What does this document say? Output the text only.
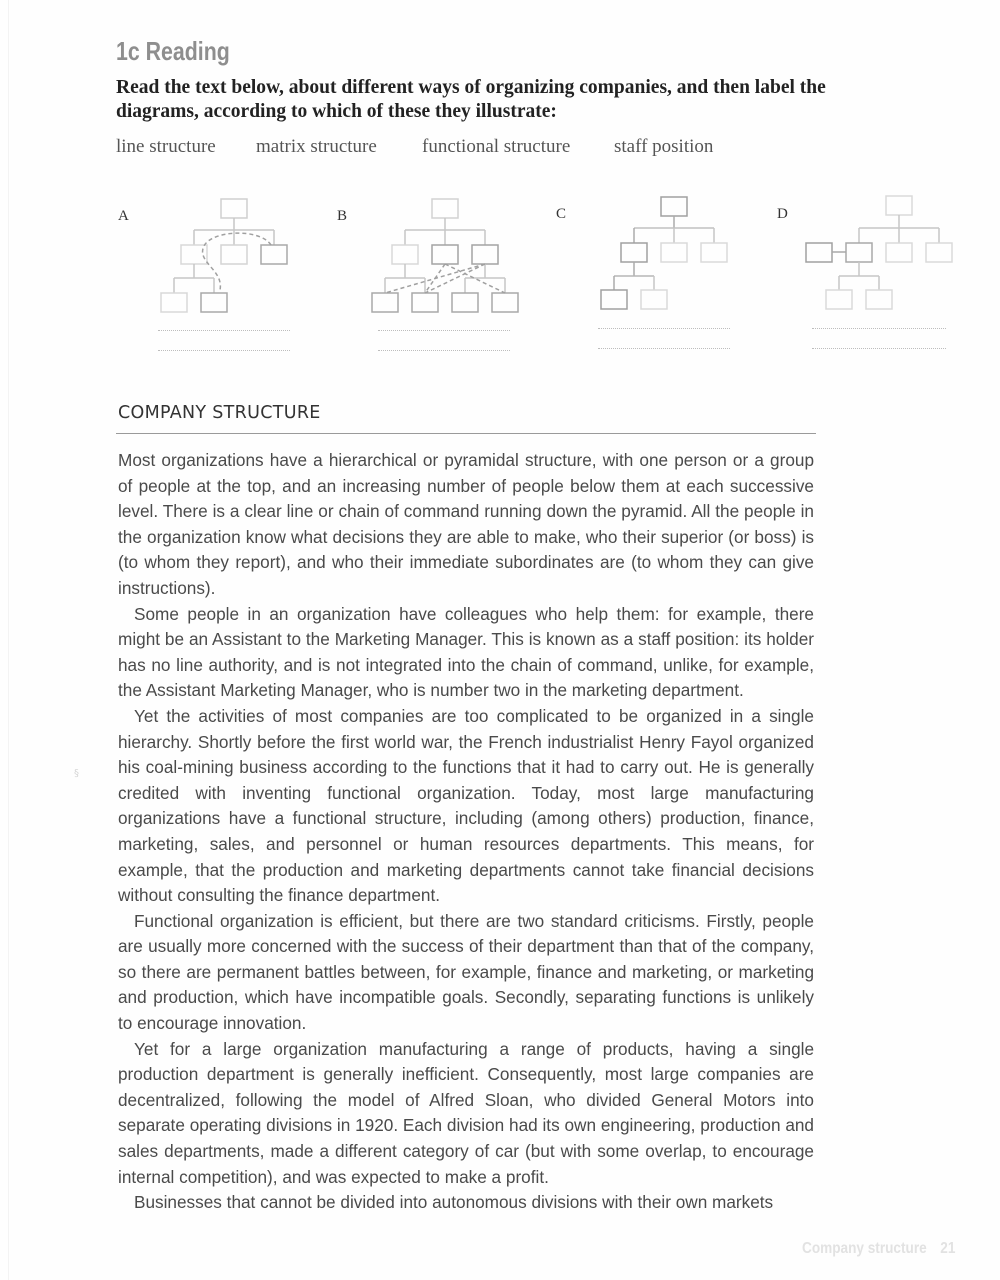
1c Reading
Read the text below, about different ways of organizing companies, and then label the diagrams, according to which of these they illustrate:
line structure matrix structure functional structure staff position
A	B	C	D
COMPANY STRUCTURE

Most organizations have a hierarchical or pyramidal structure, with one person or a group of people at the top, and an increasing number of people below them at each successive level. There is a clear line or chain of command running down the pyramid. All the people in the organization know what decisions they are able to make, who their superior (or boss) is (to whom they report), and who their immediate subordinates are (to whom they can give instructions).

Some people in an organization have colleagues who help them: for example, there might be an Assistant to the Marketing Manager. This is known as a staff position: its holder has no line authority, and is not integrated into the chain of command, unlike, for example, the Assistant Marketing Manager, who is number two in the marketing department.

Yet the activities of most companies are too complicated to be organized in a single hierarchy. Shortly before the first world war, the French industrialist Henry Fayol organized his coal-mining business according to the functions that it had to carry out. He is generally credited with inventing functional organization. Today, most large manufacturing organizations have a functional structure, including (among others) production, finance, marketing, sales, and personnel or human resources departments. This means, for example, that the production and marketing departments cannot take financial decisions without consulting the finance department.

Functional organization is efficient, but there are two standard criticisms. Firstly, people are usually more concerned with the success of their department than that of the company, so there are permanent battles between, for example, finance and marketing, or marketing and production, which have incompatible goals. Secondly, separating functions is unlikely to encourage innovation.

Yet for a large organization manufacturing a range of products, having a single production department is generally inefficient. Consequently, most large companies are decentralized, following the model of Alfred Sloan, who divided General Motors into separate operating divisions in 1920. Each division had its own engineering, production and sales departments, made a different category of car (but with some overlap, to encourage internal competition), and was expected to make a profit.

Businesses that cannot be divided into autonomous divisions with their own markets

§
Company structure 21
